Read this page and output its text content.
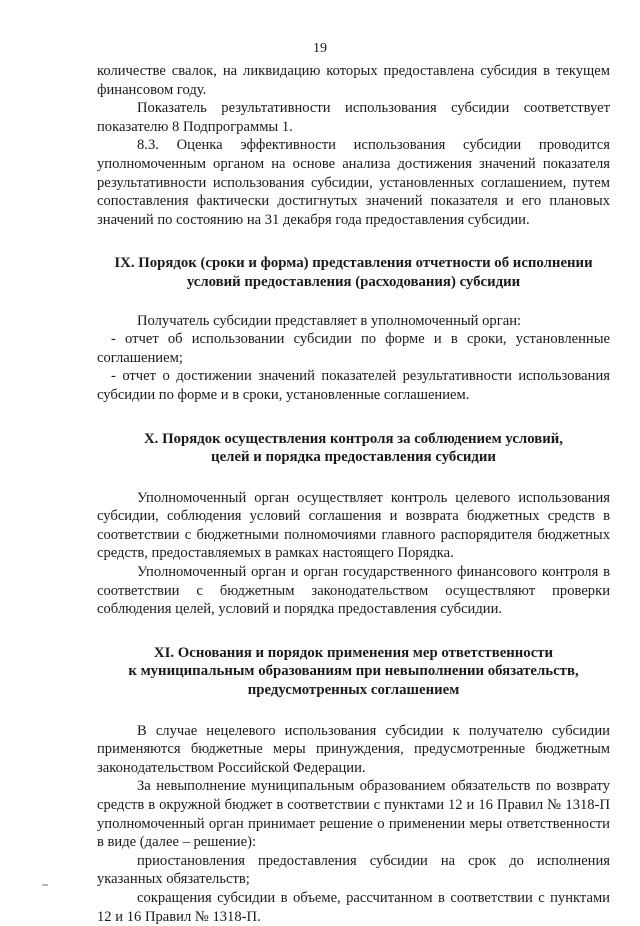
19

количестве свалок, на ликвидацию которых предоставлена субсидия в текущем финансовом году.

Показатель результативности использования субсидии соответствует показателю 8 Подпрограммы 1.

8.3. Оценка эффективности использования субсидии проводится уполномоченным органом на основе анализа достижения значений показателя результативности использования субсидии, установленных соглашением, путем сопоставления фактически достигнутых значений показателя и его плановых значений по состоянию на 31 декабря года предоставления субсидии.

IX. Порядок (сроки и форма) представления отчетности об исполнении

условий предоставления (расходования) субсидии

Получатель субсидии представляет в уполномоченный орган:

- отчет об использовании субсидии по форме и в сроки, установленные соглашением;

- отчет о достижении значений показателей результативности использования субсидии по форме и в сроки, установленные соглашением.

X. Порядок осуществления контроля за соблюдением условий,

целей и порядка предоставления субсидии

Уполномоченный орган осуществляет контроль целевого использования субсидии, соблюдения условий соглашения и возврата бюджетных средств в соответствии с бюджетными полномочиями главного распорядителя бюджетных средств, предоставляемых в рамках настоящего Порядка.

Уполномоченный орган и орган государственного финансового контроля в соответствии с бюджетным законодательством осуществляют проверки соблюдения целей, условий и порядка предоставления субсидии.

XI. Основания и порядок применения мер ответственности

к муниципальным образованиям при невыполнении обязательств,

предусмотренных соглашением

В случае нецелевого использования субсидии к получателю субсидии применяются бюджетные меры принуждения, предусмотренные бюджетным законодательством Российской Федерации.

За невыполнение муниципальным образованием обязательств по возврату средств в окружной бюджет в соответствии с пунктами 12 и 16 Правил № 1318-П уполномоченный орган принимает решение о применении меры ответственности в виде (далее – решение):

приостановления предоставления субсидии на срок до исполнения указанных обязательств;

сокращения субсидии в объеме, рассчитанном в соответствии с пунктами 12 и 16 Правил № 1318-П.
